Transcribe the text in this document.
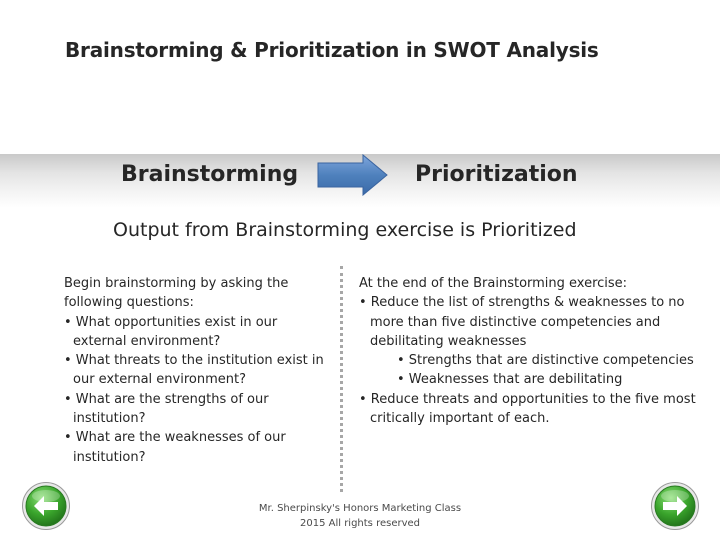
Brainstorming & Prioritization in SWOT Analysis
Brainstorming	Prioritization
Output from Brainstorming exercise is Prioritized

Begin brainstorming by asking the

following questions:

• What opportunities exist in our

external environment?

• What threats to the institution exist in

our external environment?

• What are the strengths of our

institution?

• What are the weaknesses of our

institution?

At the end of the Brainstorming exercise:

• Reduce the list of strengths & weaknesses to no

more than five distinctive competencies and

debilitating weaknesses

• Strengths that are distinctive competencies

• Weaknesses that are debilitating

• Reduce threats and opportunities to the five most

critically important of each.

Mr. Sherpinsky's Honors Marketing Class
2015 All rights reserved
